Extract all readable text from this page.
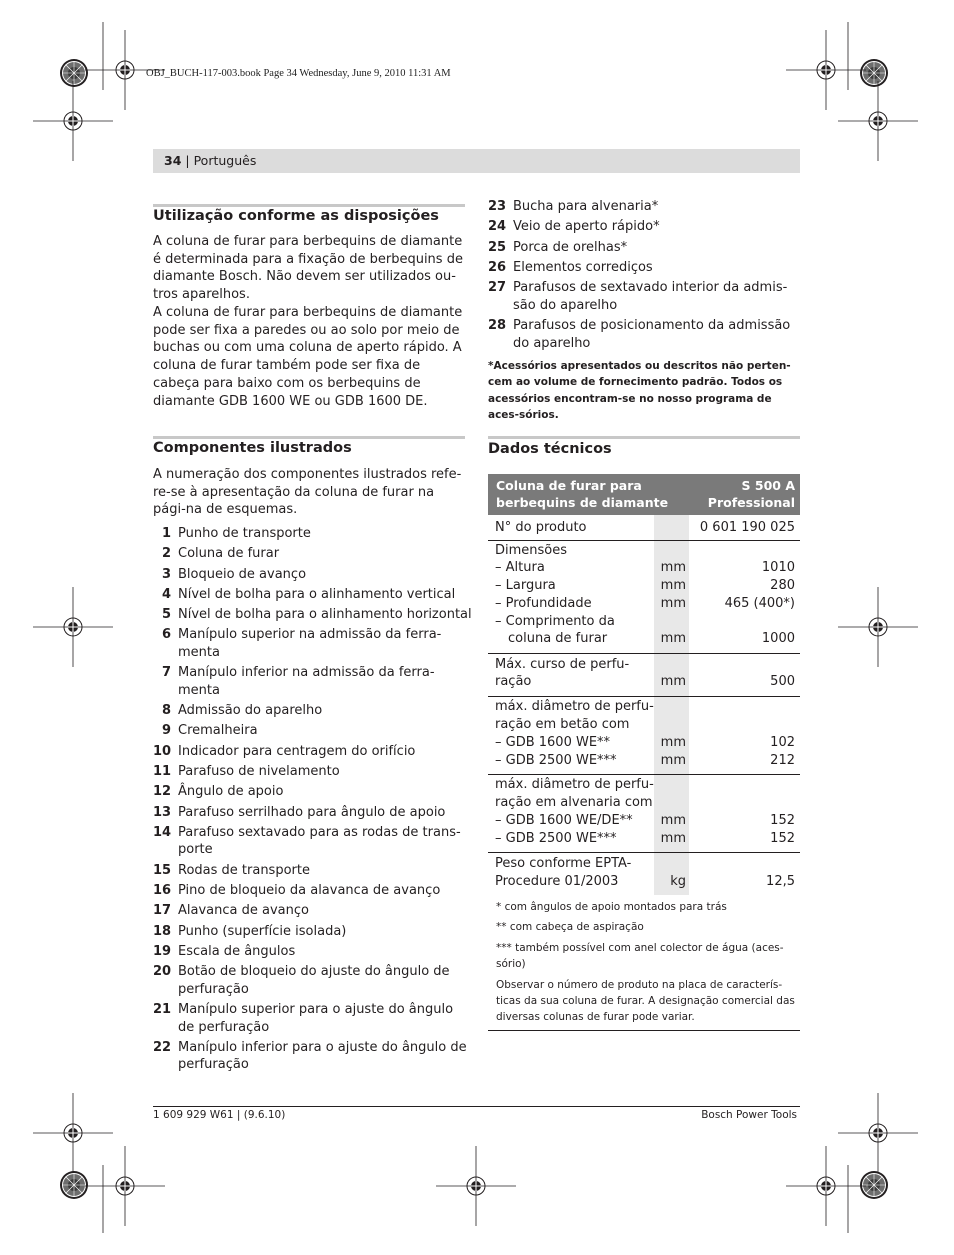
OBJ_BUCH-117-003.book Page 34 Wednesday, June 9, 2010 11:31 AM
34 | Português
Utilização conforme as disposições
A coluna de furar para berbequins de diamante é determinada para a fixação de berbequins de diamante Bosch. Não devem ser utilizados ou-tros aparelhos.
A coluna de furar para berbequins de diamante pode ser fixa a paredes ou ao solo por meio de buchas ou com uma coluna de aperto rápido. A coluna de furar também pode ser fixa de cabeça para baixo com os berbequins de diamante GDB 1600 WE ou GDB 1600 DE.
Componentes ilustrados
A numeração dos componentes ilustrados refe-re-se à apresentação da coluna de furar na pági-na de esquemas.
1 Punho de transporte
2 Coluna de furar
3 Bloqueio de avanço
4 Nível de bolha para o alinhamento vertical
5 Nível de bolha para o alinhamento horizontal
6 Manípulo superior na admissão da ferra-menta
7 Manípulo inferior na admissão da ferra-menta
8 Admissão do aparelho
9 Cremalheira
10 Indicador para centragem do orifício
11 Parafuso de nivelamento
12 Ângulo de apoio
13 Parafuso serrilhado para ângulo de apoio
14 Parafuso sextavado para as rodas de trans-porte
15 Rodas de transporte
16 Pino de bloqueio da alavanca de avanço
17 Alavanca de avanço
18 Punho (superfície isolada)
19 Escala de ângulos
20 Botão de bloqueio do ajuste do ângulo de perfuração
21 Manípulo superior para o ajuste do ângulo de perfuração
22 Manípulo inferior para o ajuste do ângulo de perfuração
23 Bucha para alvenaria*
24 Veio de aperto rápido*
25 Porca de orelhas*
26 Elementos corrediços
27 Parafusos de sextavado interior da admis-são do aparelho
28 Parafusos de posicionamento da admissão do aparelho
*Acessórios apresentados ou descritos não perten-cem ao volume de fornecimento padrão. Todos os acessórios encontram-se no nosso programa de aces-sórios.
Dados técnicos
Coluna de furar para berbequins de diamante
S 500 A Professional
N° do produto	0 601 190 025
Dimensões
– Altura	mm	1010
– Largura	mm	280
– Profundidade	mm	465 (400*)
– Comprimento da
coluna de furar	mm	1000
Máx. curso de perfu-
ração	mm	500
máx. diâmetro de perfu-
ração em betão com
– GDB 1600 WE**	mm	102
– GDB 2500 WE***	mm	212
máx. diâmetro de perfu-
ração em alvenaria com
– GDB 1600 WE/DE**	mm	152
– GDB 2500 WE***	mm	152
Peso conforme EPTA-
Procedure 01/2003	kg	12,5
* com ângulos de apoio montados para trás
** com cabeça de aspiração
*** também possível com anel colector de água (aces-sório)
Observar o número de produto na placa de caracterís-ticas da sua coluna de furar. A designação comercial das diversas colunas de furar pode variar.
1 609 929 W61 | (9.6.10)	Bosch Power Tools
